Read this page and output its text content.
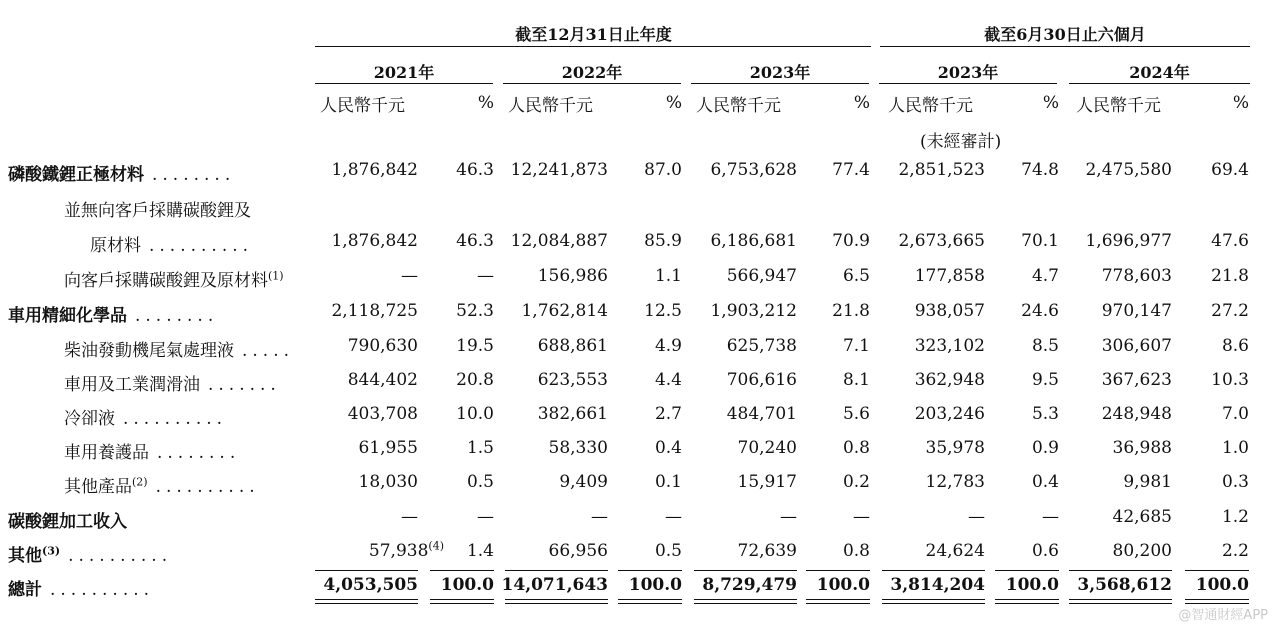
截至12月31日止年度	截至6月30日止六個月
2021年	2022年	2023年	2023年	2024年
人民幣千元	% 人民幣千元	% 人民幣千元	% 人民幣千元	% 人民幣千元	%
(未經審計)
磷酸鐵鋰正極材料 ........	1,876,842	46.3 12,241,873	87.0	6,753,628	77.4	2,851,523	74.8	2,475,580	69.4
並無向客戶採購碳酸鋰及
原材料 ..........	1,876,842	46.3 12,084,887	85.9	6,186,681	70.9	2,673,665	70.1	1,696,977	47.6
向客戶採購碳酸鋰及原材料$^{(1)}$	—	—	156,986	1.1	566,947	6.5	177,858	4.7	778,603	21.8
車用精細化學品 ........	2,118,725	52.3	1,762,814	12.5	1,903,212	21.8	938,057	24.6	970,147	27.2
柴油發動機尾氣處理液 .....	790,630	19.5	688,861	4.9	625,738	7.1	323,102	8.5	306,607	8.6
車用及工業潤滑油 .......	844,402	20.8	623,553	4.4	706,616	8.1	362,948	9.5	367,623	10.3
冷卻液 ..........	403,708	10.0	382,661	2.7	484,701	5.6	203,246	5.3	248,948	7.0
車用養護品 ........	61,955	1.5	58,330	0.4	70,240	0.8	35,978	0.9	36,988	1.0
其他產品$^{(2)}$ ..........	18,030	0.5	9,409	0.1	15,917	0.2	12,783	0.4	9,981	0.3
碳酸鋰加工收入	—	—	—	—	—	—	—	—	42,685	1.2
其他$^{(3)}$ ..........	57,938$^{(4)}$	1.4	66,956	0.5	72,639	0.8	24,624	0.6	80,200	2.2
總計 ..........	4,053,505	100.0 14,071,643	100.0	8,729,479	100.0	3,814,204	100.0	3,568,612	100.0
@智通財經APP
